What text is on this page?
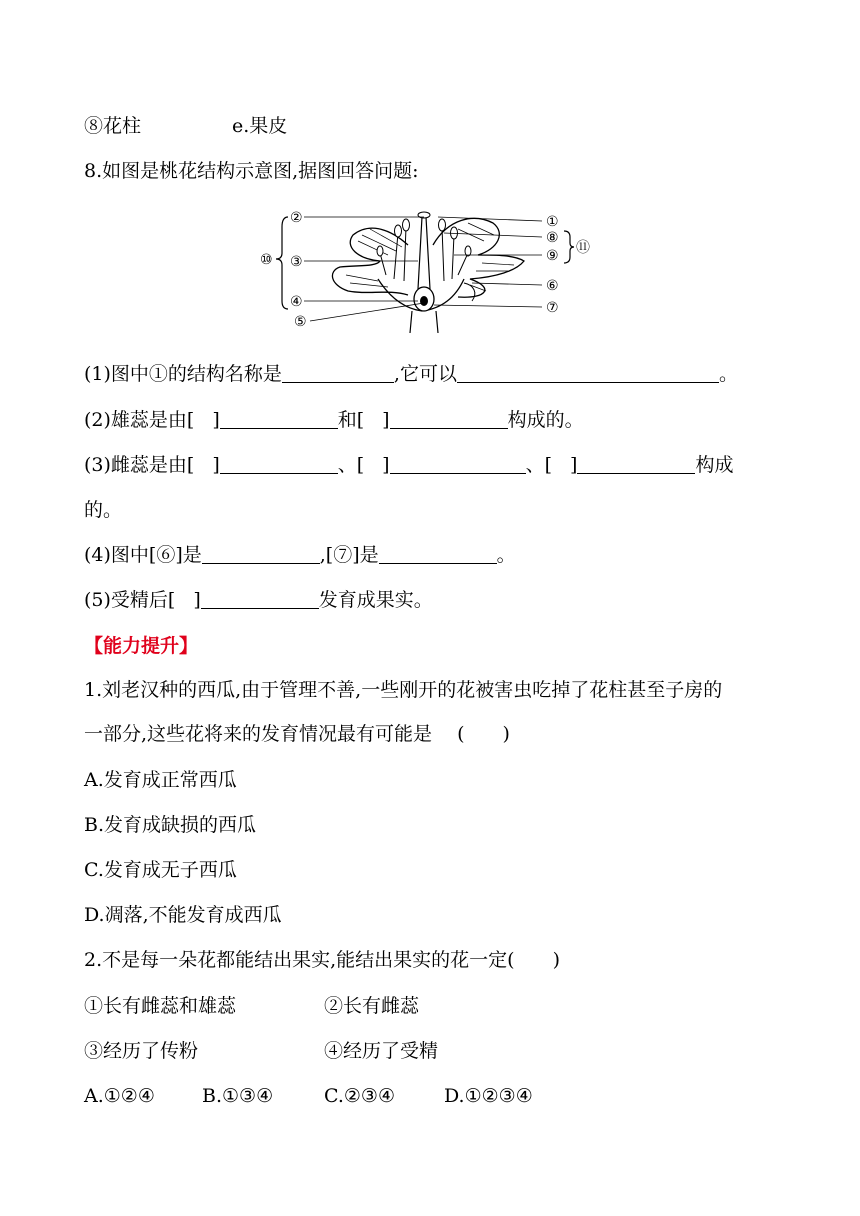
⑧花柱	e.果皮
8.如图是桃花结构示意图,据图回答问题:
②
③
④
⑤
⑩
①
⑧
⑨
⑥
⑦
⑪
(1)图中①的结构名称是	,它可以	。
(2)雄蕊是由[ ]	和[ ]	构成的。
(3)雌蕊是由[ ]	、[ ]	、[ ]	构成
的。
(4)图中[⑥]是	,[⑦]是	。
(5)受精后[ ]	发育成果实。
【能力提升】
1.刘老汉种的西瓜,由于管理不善,一些刚开的花被害虫吃掉了花柱甚至子房的
一部分,这些花将来的发育情况最有可能是 　(　　)
A.发育成正常西瓜
B.发育成缺损的西瓜
C.发育成无子西瓜
D.凋落,不能发育成西瓜
2.不是每一朵花都能结出果实,能结出果实的花一定(　　)
①长有雌蕊和雄蕊	②长有雌蕊
③经历了传粉	④经历了受精
A.①②④ B.①③④	C.②③④	D.①②③④
